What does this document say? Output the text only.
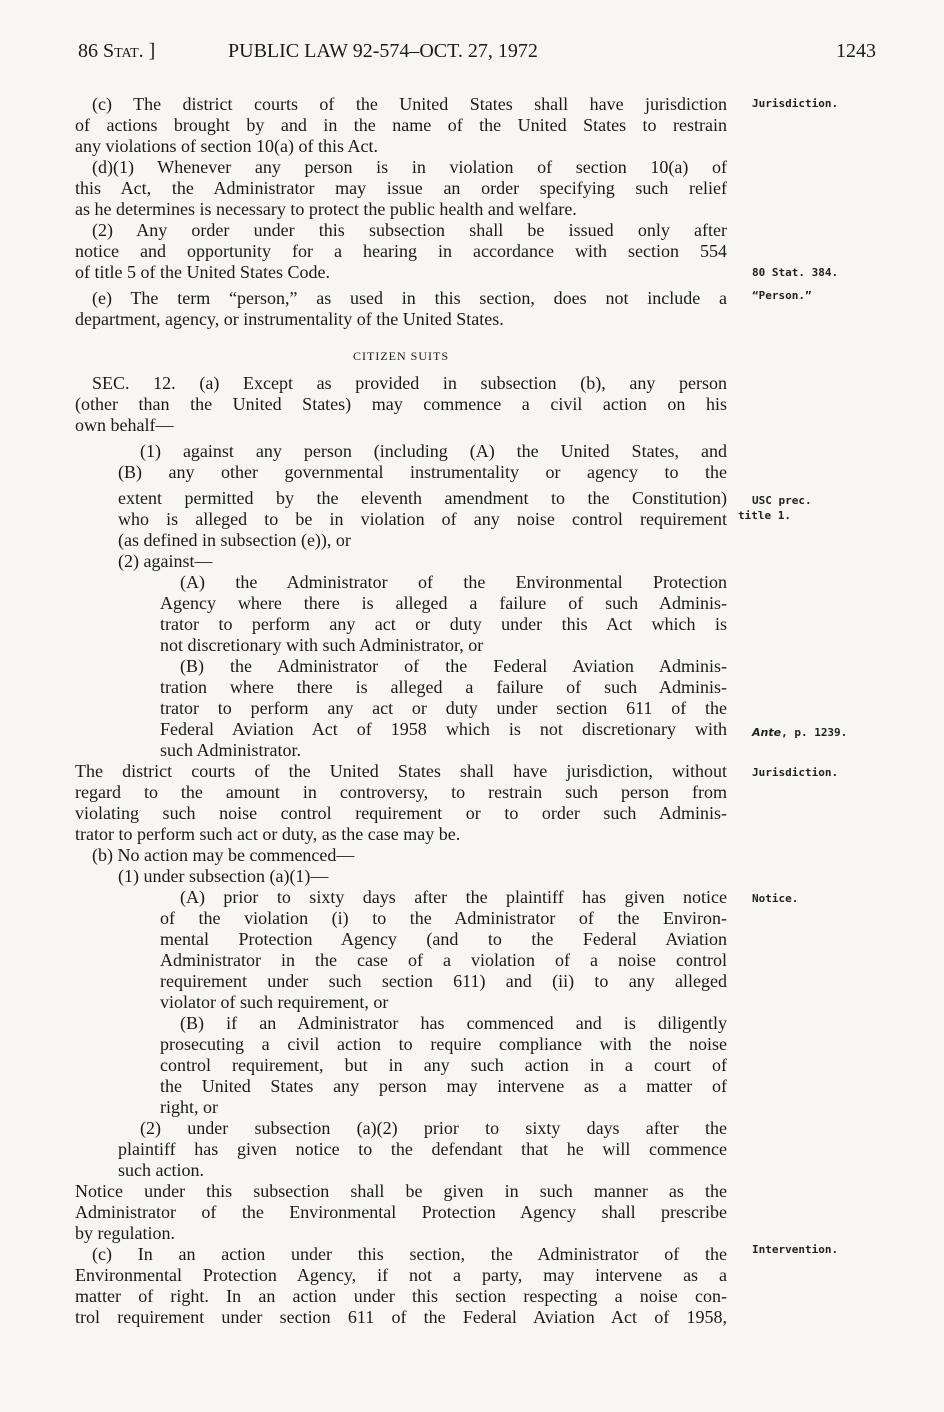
86 Stat. ]	PUBLIC LAW 92-574–OCT. 27, 1972	1243
(c) The district courts of the United States shall have jurisdiction
of actions brought by and in the name of the United States to restrain
any violations of section 10(a) of this Act.
(d)(1) Whenever any person is in violation of section 10(a) of
this Act, the Administrator may issue an order specifying such relief
as he determines is necessary to protect the public health and welfare.
(2) Any order under this subsection shall be issued only after
notice and opportunity for a hearing in accordance with section 554
of title 5 of the United States Code.
(e) The term “person,” as used in this section, does not include a
department, agency, or instrumentality of the United States.
CITIZEN SUITS
SEC. 12. (a) Except as provided in subsection (b), any person
(other than the United States) may commence a civil action on his
own behalf—
(1) against any person (including (A) the United States, and
(B) any other governmental instrumentality or agency to the
extent permitted by the eleventh amendment to the Constitution)
who is alleged to be in violation of any noise control requirement
(as defined in subsection (e)), or
(2) against—
(A) the Administrator of the Environmental Protection
Agency where there is alleged a failure of such Adminis-
trator to perform any act or duty under this Act which is
not discretionary with such Administrator, or
(B) the Administrator of the Federal Aviation Adminis-
tration where there is alleged a failure of such Adminis-
trator to perform any act or duty under section 611 of the
Federal Aviation Act of 1958 which is not discretionary with
such Administrator.
The district courts of the United States shall have jurisdiction, without
regard to the amount in controversy, to restrain such person from
violating such noise control requirement or to order such Adminis-
trator to perform such act or duty, as the case may be.
(b) No action may be commenced—
(1) under subsection (a)(1)—
(A) prior to sixty days after the plaintiff has given notice
of the violation (i) to the Administrator of the Environ-
mental Protection Agency (and to the Federal Aviation
Administrator in the case of a violation of a noise control
requirement under such section 611) and (ii) to any alleged
violator of such requirement, or
(B) if an Administrator has commenced and is diligently
prosecuting a civil action to require compliance with the noise
control requirement, but in any such action in a court of
the United States any person may intervene as a matter of
right, or
(2) under subsection (a)(2) prior to sixty days after the
plaintiff has given notice to the defendant that he will commence
such action.
Notice under this subsection shall be given in such manner as the
Administrator of the Environmental Protection Agency shall prescribe
by regulation.
(c) In an action under this section, the Administrator of the
Environmental Protection Agency, if not a party, may intervene as a
matter of right. In an action under this section respecting a noise con-
trol requirement under section 611 of the Federal Aviation Act of 1958,
Jurisdiction.
80 Stat. 384.
“Person.”
USC prec.
title 1.
Ante, p. 1239.
Jurisdiction.
Notice.
Intervention.
